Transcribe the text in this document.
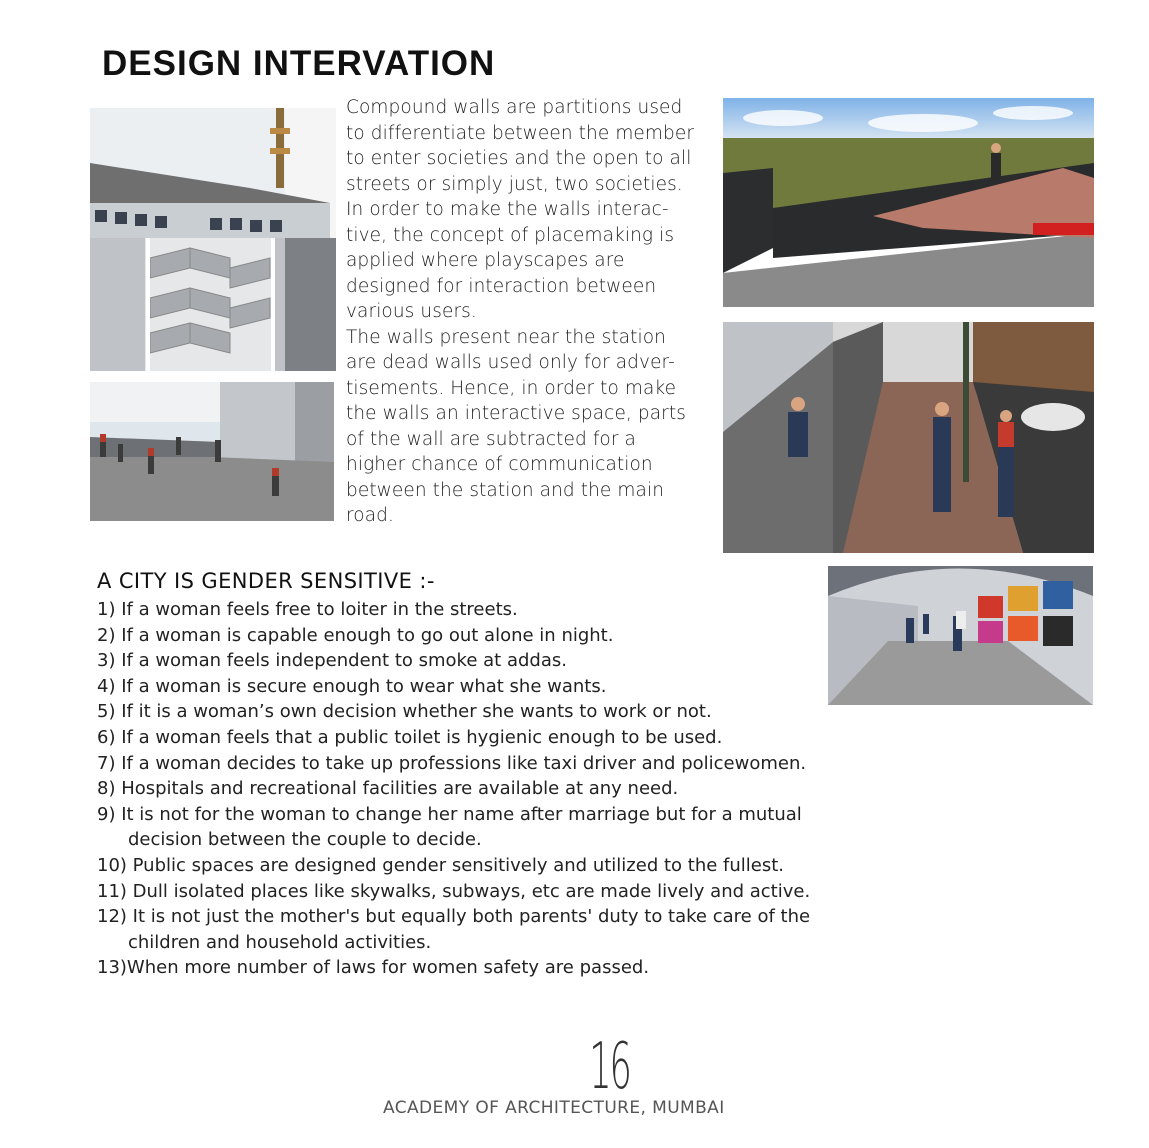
DESIGN INTERVATION

Compound walls are partitions used
to differentiate between the member
to enter societies and the open to all
streets or simply just, two societies.
In order to make the walls interac-
tive, the concept of placemaking is
applied where playscapes are
designed for interaction between
various users.
The walls present near the station
are dead walls used only for adver-
tisements. Hence, in order to make
the walls an interactive space, parts
of the wall are subtracted for a
higher chance of communication
between the station and the main
road.

A CITY IS GENDER SENSITIVE :-
1) If a woman feels free to loiter in the streets.
2) If a woman is capable enough to go out alone in night.
3) If a woman feels independent to smoke at addas.
4) If a woman is secure enough to wear what she wants.
5) If it is a woman’s own decision whether she wants to work or not.
6) If a woman feels that a public toilet is hygienic enough to be used.
7) If a woman decides to take up professions like taxi driver and policewomen.
8) Hospitals and recreational facilities are available at any need.
9) It is not for the woman to change her name after marriage but for a mutual
decision between the couple to decide.
10) Public spaces are designed gender sensitively and utilized to the fullest.
11) Dull isolated places like skywalks, subways, etc are made lively and active.
12) It is not just the mother's but equally both parents' duty to take care of the
children and household activities.
13)When more number of laws for women safety are passed.
16

ACADEMY OF ARCHITECTURE, MUMBAI
